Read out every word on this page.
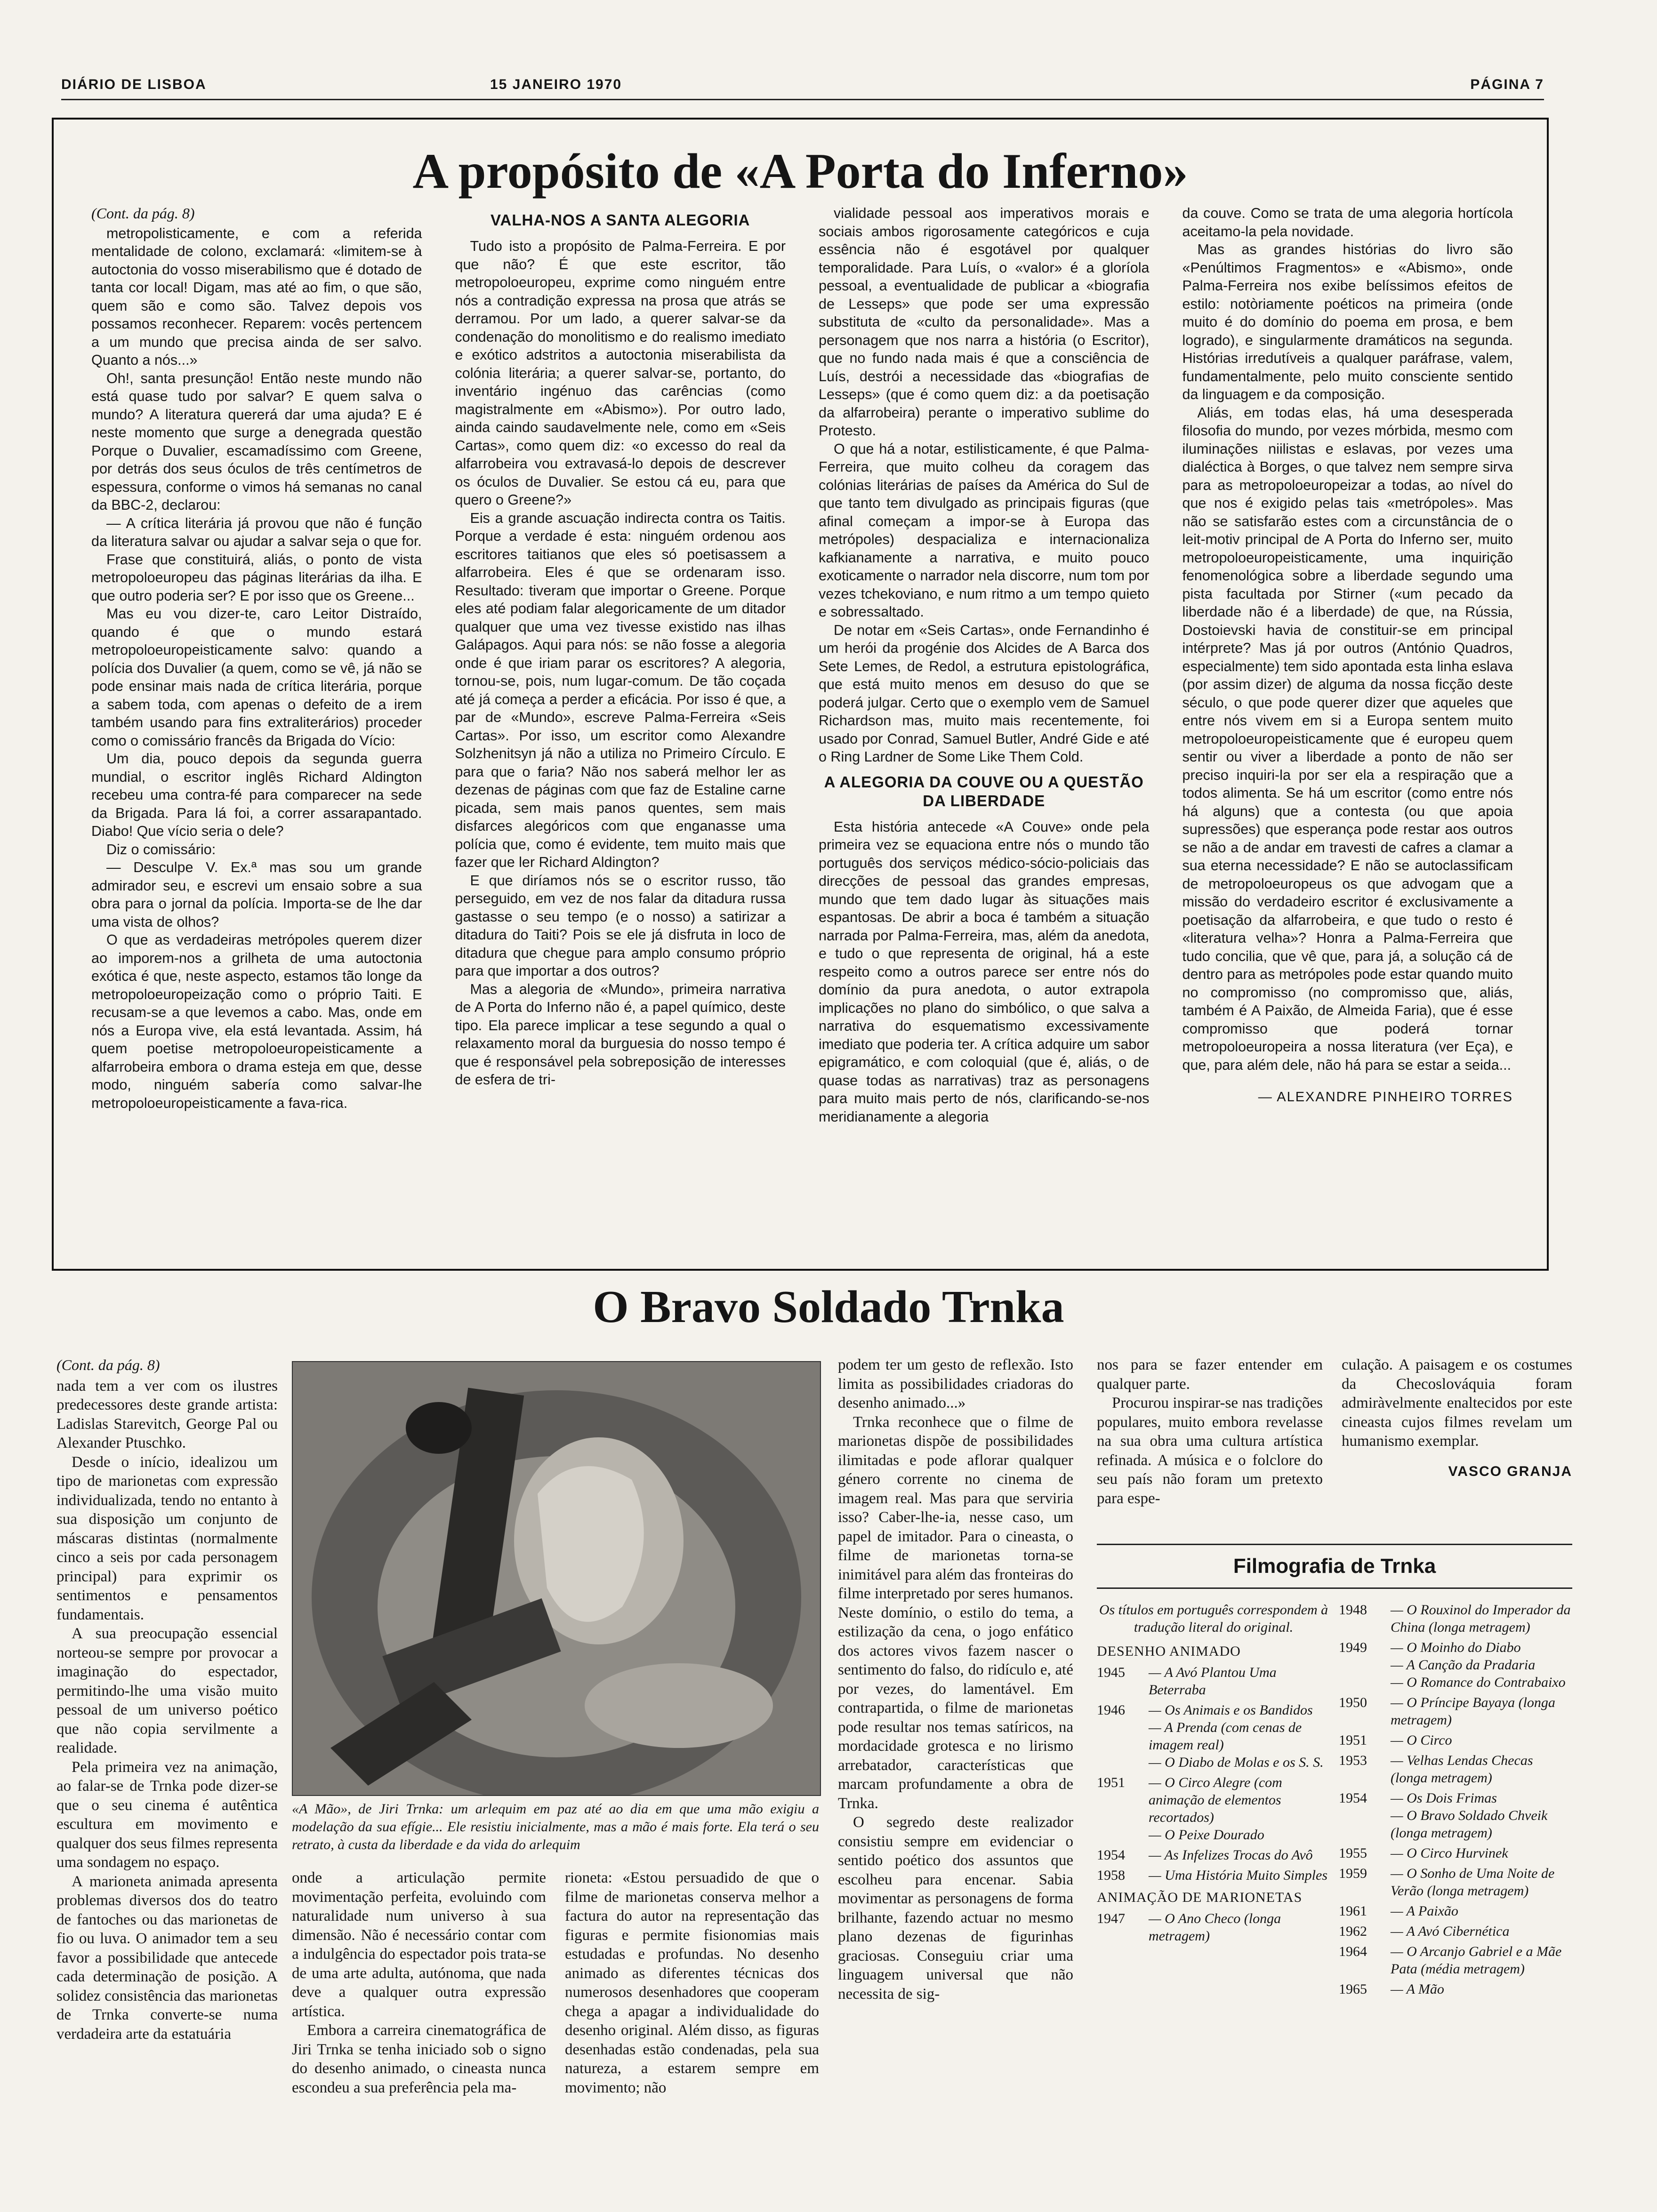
DIÁRIO DE LISBOA	15 JANEIRO 1970	PÁGINA 7
A propósito de «A Porta do Inferno»
(Cont. da pág. 8)

metropolisticamente, e com a referida mentalidade de colono, exclamará: «limitem-se à autoctonia do vosso miserabilismo que é dotado de tanta cor local! Digam, mas até ao fim, o que são, quem são e como são. Talvez depois vos possamos reconhecer. Reparem: vocês pertencem a um mundo que precisa ainda de ser salvo. Quanto a nós...»

Oh!, santa presunção! Então neste mundo não está quase tudo por salvar? E quem salva o mundo? A literatura quererá dar uma ajuda? E é neste momento que surge a denegrada questão Porque o Duvalier, escamadíssimo com Greene, por detrás dos seus óculos de três centímetros de espessura, conforme o vimos há semanas no canal da BBC-2, declarou:

— A crítica literária já provou que não é função da literatura salvar ou ajudar a salvar seja o que for.

Frase que constituirá, aliás, o ponto de vista metropoloeuropeu das páginas literárias da ilha. E que outro poderia ser? E por isso que os Greene...

Mas eu vou dizer-te, caro Leitor Distraído, quando é que o mundo estará metropoloeuropeisticamente salvo: quando a polícia dos Duvalier (a quem, como se vê, já não se pode ensinar mais nada de crítica literária, porque a sabem toda, com apenas o defeito de a irem também usando para fins extraliterários) proceder como o comissário francês da Brigada do Vício:

Um dia, pouco depois da segunda guerra mundial, o escritor inglês Richard Aldington recebeu uma contra-fé para comparecer na sede da Brigada. Para lá foi, a correr assarapantado. Diabo! Que vício seria o dele?

Diz o comissário:

— Desculpe V. Ex.ª mas sou um grande admirador seu, e escrevi um ensaio sobre a sua obra para o jornal da polícia. Importa-se de lhe dar uma vista de olhos?

O que as verdadeiras metrópoles querem dizer ao imporem-nos a grilheta de uma autoctonia exótica é que, neste aspecto, estamos tão longe da metropoloeuropeização como o próprio Taiti. E recusam-se a que levemos a cabo. Mas, onde em nós a Europa vive, ela está levantada. Assim, há quem poetise metropoloeuropeisticamente a alfarrobeira embora o drama esteja em que, desse modo, ninguém sabería como salvar-lhe metropoloeuropeisticamente a fava-rica.

VALHA-NOS A SANTA ALEGORIA

Tudo isto a propósito de Palma-Ferreira. E por que não? É que este escritor, tão metropoloeuropeu, exprime como ninguém entre nós a contradição expressa na prosa que atrás se derramou. Por um lado, a querer salvar-se da condenação do monolitismo e do realismo imediato e exótico adstritos a autoctonia miserabilista da colónia literária; a querer salvar-se, portanto, do inventário ingénuo das carências (como magistralmente em «Abismo»). Por outro lado, ainda caindo saudavelmente nele, como em «Seis Cartas», como quem diz: «o excesso do real da alfarrobeira vou extravasá-lo depois de descrever os óculos de Duvalier. Se estou cá eu, para que quero o Greene?»

Eis a grande ascuação indirecta contra os Taitis. Porque a verdade é esta: ninguém ordenou aos escritores taitianos que eles só poetisassem a alfarrobeira. Eles é que se ordenaram isso. Resultado: tiveram que importar o Greene. Porque eles até podiam falar alegoricamente de um ditador qualquer que uma vez tivesse existido nas ilhas Galápagos. Aqui para nós: se não fosse a alegoria onde é que iriam parar os escritores? A alegoria, tornou-se, pois, num lugar-comum. De tão coçada até já começa a perder a eficácia. Por isso é que, a par de «Mundo», escreve Palma-Ferreira «Seis Cartas». Por isso, um escritor como Alexandre Solzhenitsyn já não a utiliza no Primeiro Círculo. E para que o faria? Não nos saberá melhor ler as dezenas de páginas com que faz de Estaline carne picada, sem mais panos quentes, sem mais disfarces alegóricos com que enganasse uma polícia que, como é evidente, tem muito mais que fazer que ler Richard Aldington?

E que diríamos nós se o escritor russo, tão perseguido, em vez de nos falar da ditadura russa gastasse o seu tempo (e o nosso) a satirizar a ditadura do Taiti? Pois se ele já disfruta in loco de ditadura que chegue para amplo consumo próprio para que importar a dos outros?

Mas a alegoria de «Mundo», primeira narrativa de A Porta do Inferno não é, a papel químico, deste tipo. Ela parece implicar a tese segundo a qual o relaxamento moral da burguesia do nosso tempo é que é responsável pela sobreposição de interesses de esfera de tri-

vialidade pessoal aos imperativos morais e sociais ambos rigorosamente categóricos e cuja essência não é esgotável por qualquer temporalidade. Para Luís, o «valor» é a gloríola pessoal, a eventualidade de publicar a «biografia de Lesseps» que pode ser uma expressão substituta de «culto da personalidade». Mas a personagem que nos narra a história (o Escritor), que no fundo nada mais é que a consciência de Luís, destrói a necessidade das «biografias de Lesseps» (que é como quem diz: a da poetisação da alfarrobeira) perante o imperativo sublime do Protesto.

O que há a notar, estilisticamente, é que Palma-Ferreira, que muito colheu da coragem das colónias literárias de países da América do Sul de que tanto tem divulgado as principais figuras (que afinal começam a impor-se à Europa das metrópoles) despacializa e internacionaliza kafkianamente a narrativa, e muito pouco exoticamente o narrador nela discorre, num tom por vezes tchekoviano, e num ritmo a um tempo quieto e sobressaltado.

De notar em «Seis Cartas», onde Fernandinho é um herói da progénie dos Alcides de A Barca dos Sete Lemes, de Redol, a estrutura epistolográfica, que está muito menos em desuso do que se poderá julgar. Certo que o exemplo vem de Samuel Richardson mas, muito mais recentemente, foi usado por Conrad, Samuel Butler, André Gide e até o Ring Lardner de Some Like Them Cold.

A ALEGORIA DA COUVE OU A QUESTÃO DA LIBERDADE

Esta história antecede «A Couve» onde pela primeira vez se equaciona entre nós o mundo tão português dos serviços médico-sócio-policiais das direcções de pessoal das grandes empresas, mundo que tem dado lugar às situações mais espantosas. De abrir a boca é também a situação narrada por Palma-Ferreira, mas, além da anedota, e tudo o que representa de original, há a este respeito como a outros parece ser entre nós do domínio da pura anedota, o autor extrapola implicações no plano do simbólico, o que salva a narrativa do esquematismo excessivamente imediato que poderia ter. A crítica adquire um sabor epigramático, e com coloquial (que é, aliás, o de quase todas as narrativas) traz as personagens para muito mais perto de nós, clarificando-se-nos meridianamente a alegoria

da couve. Como se trata de uma alegoria hortícola aceitamo-la pela novidade.

Mas as grandes histórias do livro são «Penúltimos Fragmentos» e «Abismo», onde Palma-Ferreira nos exibe belíssimos efeitos de estilo: notòriamente poéticos na primeira (onde muito é do domínio do poema em prosa, e bem logrado), e singularmente dramáticos na segunda. Histórias irredutíveis a qualquer paráfrase, valem, fundamentalmente, pelo muito consciente sentido da linguagem e da composição.

Aliás, em todas elas, há uma desesperada filosofia do mundo, por vezes mórbida, mesmo com iluminações niilistas e eslavas, por vezes uma dialéctica à Borges, o que talvez nem sempre sirva para as metropoloeuropeizar a todas, ao nível do que nos é exigido pelas tais «metrópoles». Mas não se satisfarão estes com a circunstância de o leit-motiv principal de A Porta do Inferno ser, muito metropoloeuropeisticamente, uma inquirição fenomenológica sobre a liberdade segundo uma pista facultada por Stirner («um pecado da liberdade não é a liberdade) de que, na Rússia, Dostoievski havia de constituir-se em principal intérprete? Mas já por outros (António Quadros, especialmente) tem sido apontada esta linha eslava (por assim dizer) de alguma da nossa ficção deste século, o que pode querer dizer que aqueles que entre nós vivem em si a Europa sentem muito metropoloeuropeisticamente que é europeu quem sentir ou viver a liberdade a ponto de não ser preciso inquiri-la por ser ela a respiração que a todos alimenta. Se há um escritor (como entre nós há alguns) que a contesta (ou que apoia supressões) que esperança pode restar aos outros se não a de andar em travesti de cafres a clamar a sua eterna necessidade? E não se autoclassificam de metropoloeuropeus os que advogam que a missão do verdadeiro escritor é exclusivamente a poetisação da alfarrobeira, e que tudo o resto é «literatura velha»? Honra a Palma-Ferreira que tudo concilia, que vê que, para já, a solução cá de dentro para as metrópoles pode estar quando muito no compromisso (no compromisso que, aliás, também é A Paixão, de Almeida Faria), que é esse compromisso que poderá tornar metropoloeuropeira a nossa literatura (ver Eça), e que, para além dele, não há para se estar a seida...

— ALEXANDRE PINHEIRO TORRES
O Bravo Soldado Trnka
(Cont. da pág. 8)

nada tem a ver com os ilustres predecessores deste grande artista: Ladislas Starevitch, George Pal ou Alexander Ptuschko.

Desde o início, idealizou um tipo de marionetas com expressão individualizada, tendo no entanto à sua disposição um conjunto de máscaras distintas (normalmente cinco a seis por cada personagem principal) para exprimir os sentimentos e pensamentos fundamentais.

A sua preocupação essencial norteou-se sempre por provocar a imaginação do espectador, permitindo-lhe uma visão muito pessoal de um universo poético que não copia servilmente a realidade.

Pela primeira vez na animação, ao falar-se de Trnka pode dizer-se que o seu cinema é autêntica escultura em movimento e qualquer dos seus filmes representa uma sondagem no espaço.

A marioneta animada apresenta problemas diversos dos do teatro de fantoches ou das marionetas de fio ou luva. O animador tem a seu favor a possibilidade que antecede cada determinação de posição. A solidez consistência das marionetas de Trnka converte-se numa verdadeira arte da estatuária

«A Mão», de Jiri Trnka: um arlequim em paz até ao dia em que uma mão exigiu a modelação da sua efígie... Ele resistiu inicialmente, mas a mão é mais forte. Ela terá o seu retrato, à custa da liberdade e da vida do arlequim

onde a articulação permite movimentação perfeita, evoluindo com naturalidade num universo à sua dimensão. Não é necessário contar com a indulgência do espectador pois trata-se de uma arte adulta, autónoma, que nada deve a qualquer outra expressão artística.

Embora a carreira cinematográfica de Jiri Trnka se tenha iniciado sob o signo do desenho animado, o cineasta nunca escondeu a sua preferência pela ma-

rioneta: «Estou persuadido de que o filme de marionetas conserva melhor a factura do autor na representação das figuras e permite fisionomias mais estudadas e profundas. No desenho animado as diferentes técnicas dos numerosos desenhadores que cooperam chega a apagar a individualidade do desenho original. Além disso, as figuras desenhadas estão condenadas, pela sua natureza, a estarem sempre em movimento; não

podem ter um gesto de reflexão. Isto limita as possibilidades criadoras do desenho animado...»

Trnka reconhece que o filme de marionetas dispõe de possibilidades ilimitadas e pode aflorar qualquer género corrente no cinema de imagem real. Mas para que serviria isso? Caber-lhe-ia, nesse caso, um papel de imitador. Para o cineasta, o filme de marionetas torna-se inimitável para além das fronteiras do filme interpretado por seres humanos. Neste domínio, o estilo do tema, a estilização da cena, o jogo enfático dos actores vivos fazem nascer o sentimento do falso, do ridículo e, até por vezes, do lamentável. Em contrapartida, o filme de marionetas pode resultar nos temas satíricos, na mordacidade grotesca e no lirismo arrebatador, características que marcam profundamente a obra de Trnka.

O segredo deste realizador consistiu sempre em evidenciar o sentido poético dos assuntos que escolheu para encenar. Sabia movimentar as personagens de forma brilhante, fazendo actuar no mesmo plano dezenas de figurinhas graciosas. Conseguiu criar uma linguagem universal que não necessita de sig-

nos para se fazer entender em qualquer parte.

Procurou inspirar-se nas tradições populares, muito embora revelasse na sua obra uma cultura artística refinada. A música e o folclore do seu país não foram um pretexto para espe-

culação. A paisagem e os costumes da Checoslováquia foram admiràvelmente enaltecidos por este cineasta cujos filmes revelam um humanismo exemplar.

VASCO GRANJA
Filmografia de Trnka
Os títulos em português correspondem à tradução literal do original.
DESENHO ANIMADO
1945	— A Avó Plantou Uma Beterraba
1946	— Os Animais e os Bandidos
— A Prenda (com cenas de imagem real)
— O Diabo de Molas e os S. S.
1951	— O Circo Alegre (com animação de elementos recortados)
— O Peixe Dourado
1954	— As Infelizes Trocas do Avô
1958	— Uma História Muito Simples
ANIMAÇÃO DE MARIONETAS
1947	— O Ano Checo (longa metragem)
1948	— O Rouxinol do Imperador da China (longa metragem)
1949	— O Moinho do Diabo
— A Canção da Pradaria
— O Romance do Contrabaixo
1950	— O Príncipe Bayaya (longa metragem)
1951	— O Circo
1953	— Velhas Lendas Checas (longa metragem)
1954	— Os Dois Frimas
— O Bravo Soldado Chveik (longa metragem)
1955	— O Circo Hurvinek
1959	— O Sonho de Uma Noite de Verão (longa metragem)
1961	— A Paixão
1962	— A Avó Cibernética
1964	— O Arcanjo Gabriel e a Mãe Pata (média metragem)
1965	— A Mão
